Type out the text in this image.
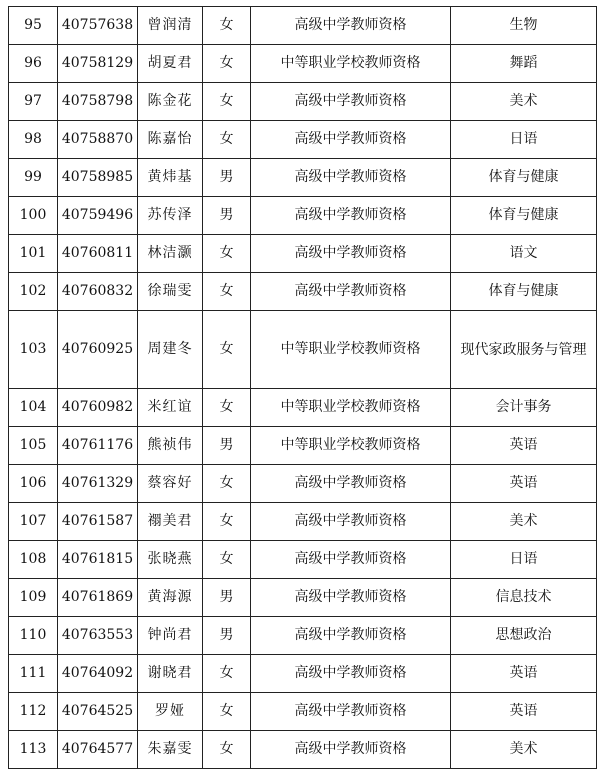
95	40757638	曾润清	女	高级中学教师资格	生物
96	40758129	胡夏君	女	中等职业学校教师资格	舞蹈
97	40758798	陈金花	女	高级中学教师资格	美术
98	40758870	陈嘉怡	女	高级中学教师资格	日语
99	40758985	黄炜基	男	高级中学教师资格	体育与健康
100	40759496	苏传泽	男	高级中学教师资格	体育与健康
101	40760811	林洁灏	女	高级中学教师资格	语文
102	40760832	徐瑞雯	女	高级中学教师资格	体育与健康
103	40760925	周建冬	女	中等职业学校教师资格	现代家政服务与管理
104	40760982	米红谊	女	中等职业学校教师资格	会计事务
105	40761176	熊祯伟	男	中等职业学校教师资格	英语
106	40761329	蔡容好	女	高级中学教师资格	英语
107	40761587	禤美君	女	高级中学教师资格	美术
108	40761815	张晓燕	女	高级中学教师资格	日语
109	40761869	黄海源	男	高级中学教师资格	信息技术
110	40763553	钟尚君	男	高级中学教师资格	思想政治
111	40764092	谢晓君	女	高级中学教师资格	英语
112	40764525	罗娅	女	高级中学教师资格	英语
113	40764577	朱嘉雯	女	高级中学教师资格	美术
